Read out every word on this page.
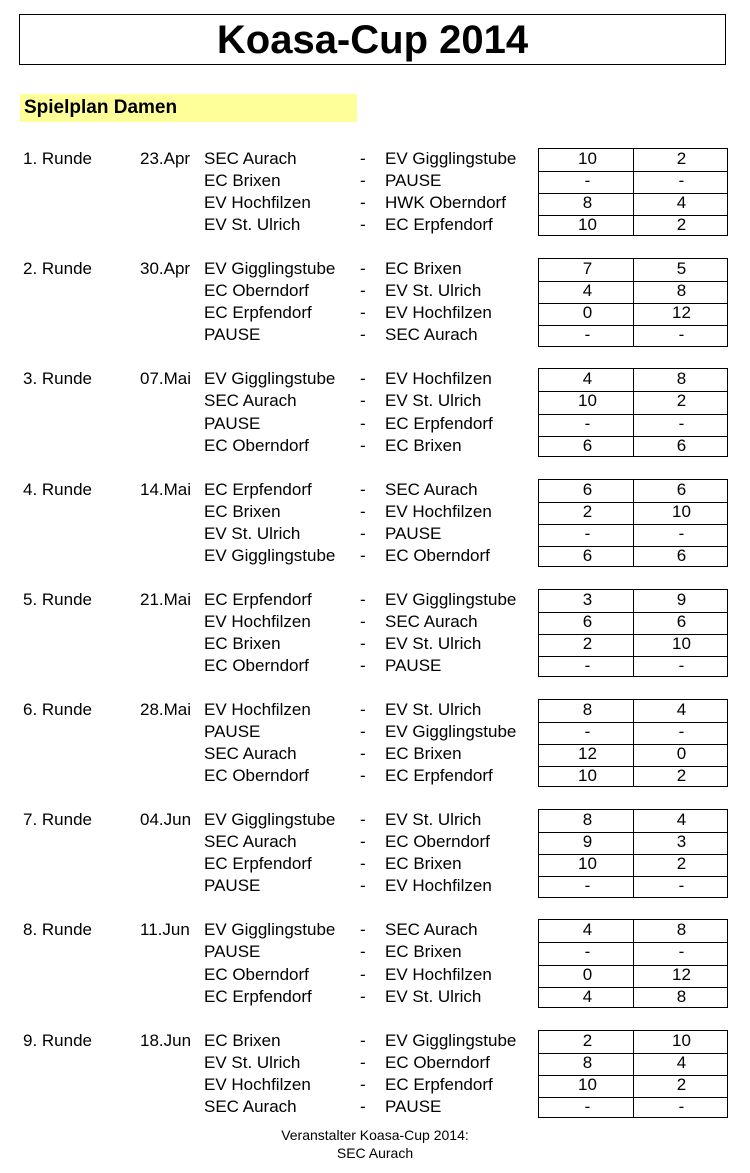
Koasa-Cup 2014
Spielplan Damen
1. Runde	23.Apr SEC Aurach	- EV Gigglingstube	10	2
EC Brixen	- PAUSE	-	-
EV Hochfilzen	- HWK Oberndorf	8	4
EV St. Ulrich	- EC Erpfendorf	10	2
2. Runde	30.Apr EV Gigglingstube - EC Brixen	7	5
EC Oberndorf	- EV St. Ulrich	4	8
EC Erpfendorf	- EV Hochfilzen	0	12
PAUSE	- SEC Aurach	-	-
3. Runde	07.Mai EV Gigglingstube - EV Hochfilzen	4	8
SEC Aurach	- EV St. Ulrich	10	2
PAUSE	- EC Erpfendorf	-	-
EC Oberndorf	- EC Brixen	6	6
4. Runde	14.Mai EC Erpfendorf	- SEC Aurach	6	6
EC Brixen	- EV Hochfilzen	2	10
EV St. Ulrich	- PAUSE	-	-
EV Gigglingstube - EC Oberndorf	6	6
5. Runde	21.Mai EC Erpfendorf	- EV Gigglingstube	3	9
EV Hochfilzen	- SEC Aurach	6	6
EC Brixen	- EV St. Ulrich	2	10
EC Oberndorf	- PAUSE	-	-
6. Runde	28.Mai EV Hochfilzen	- EV St. Ulrich	8	4
PAUSE	- EV Gigglingstube	-	-
SEC Aurach	- EC Brixen	12	0
EC Oberndorf	- EC Erpfendorf	10	2
7. Runde	04.Jun EV Gigglingstube - EV St. Ulrich	8	4
SEC Aurach	- EC Oberndorf	9	3
EC Erpfendorf	- EC Brixen	10	2
PAUSE	- EV Hochfilzen	-	-
8. Runde	11.Jun EV Gigglingstube - SEC Aurach	4	8
PAUSE	- EC Brixen	-	-
EC Oberndorf	- EV Hochfilzen	0	12
EC Erpfendorf	- EV St. Ulrich	4	8
9. Runde	18.Jun EC Brixen	- EV Gigglingstube	2	10
EV St. Ulrich	- EC Oberndorf	8	4
EV Hochfilzen	- EC Erpfendorf	10	2
SEC Aurach	- PAUSE	-	-
Veranstalter Koasa-Cup 2014:
SEC Aurach
